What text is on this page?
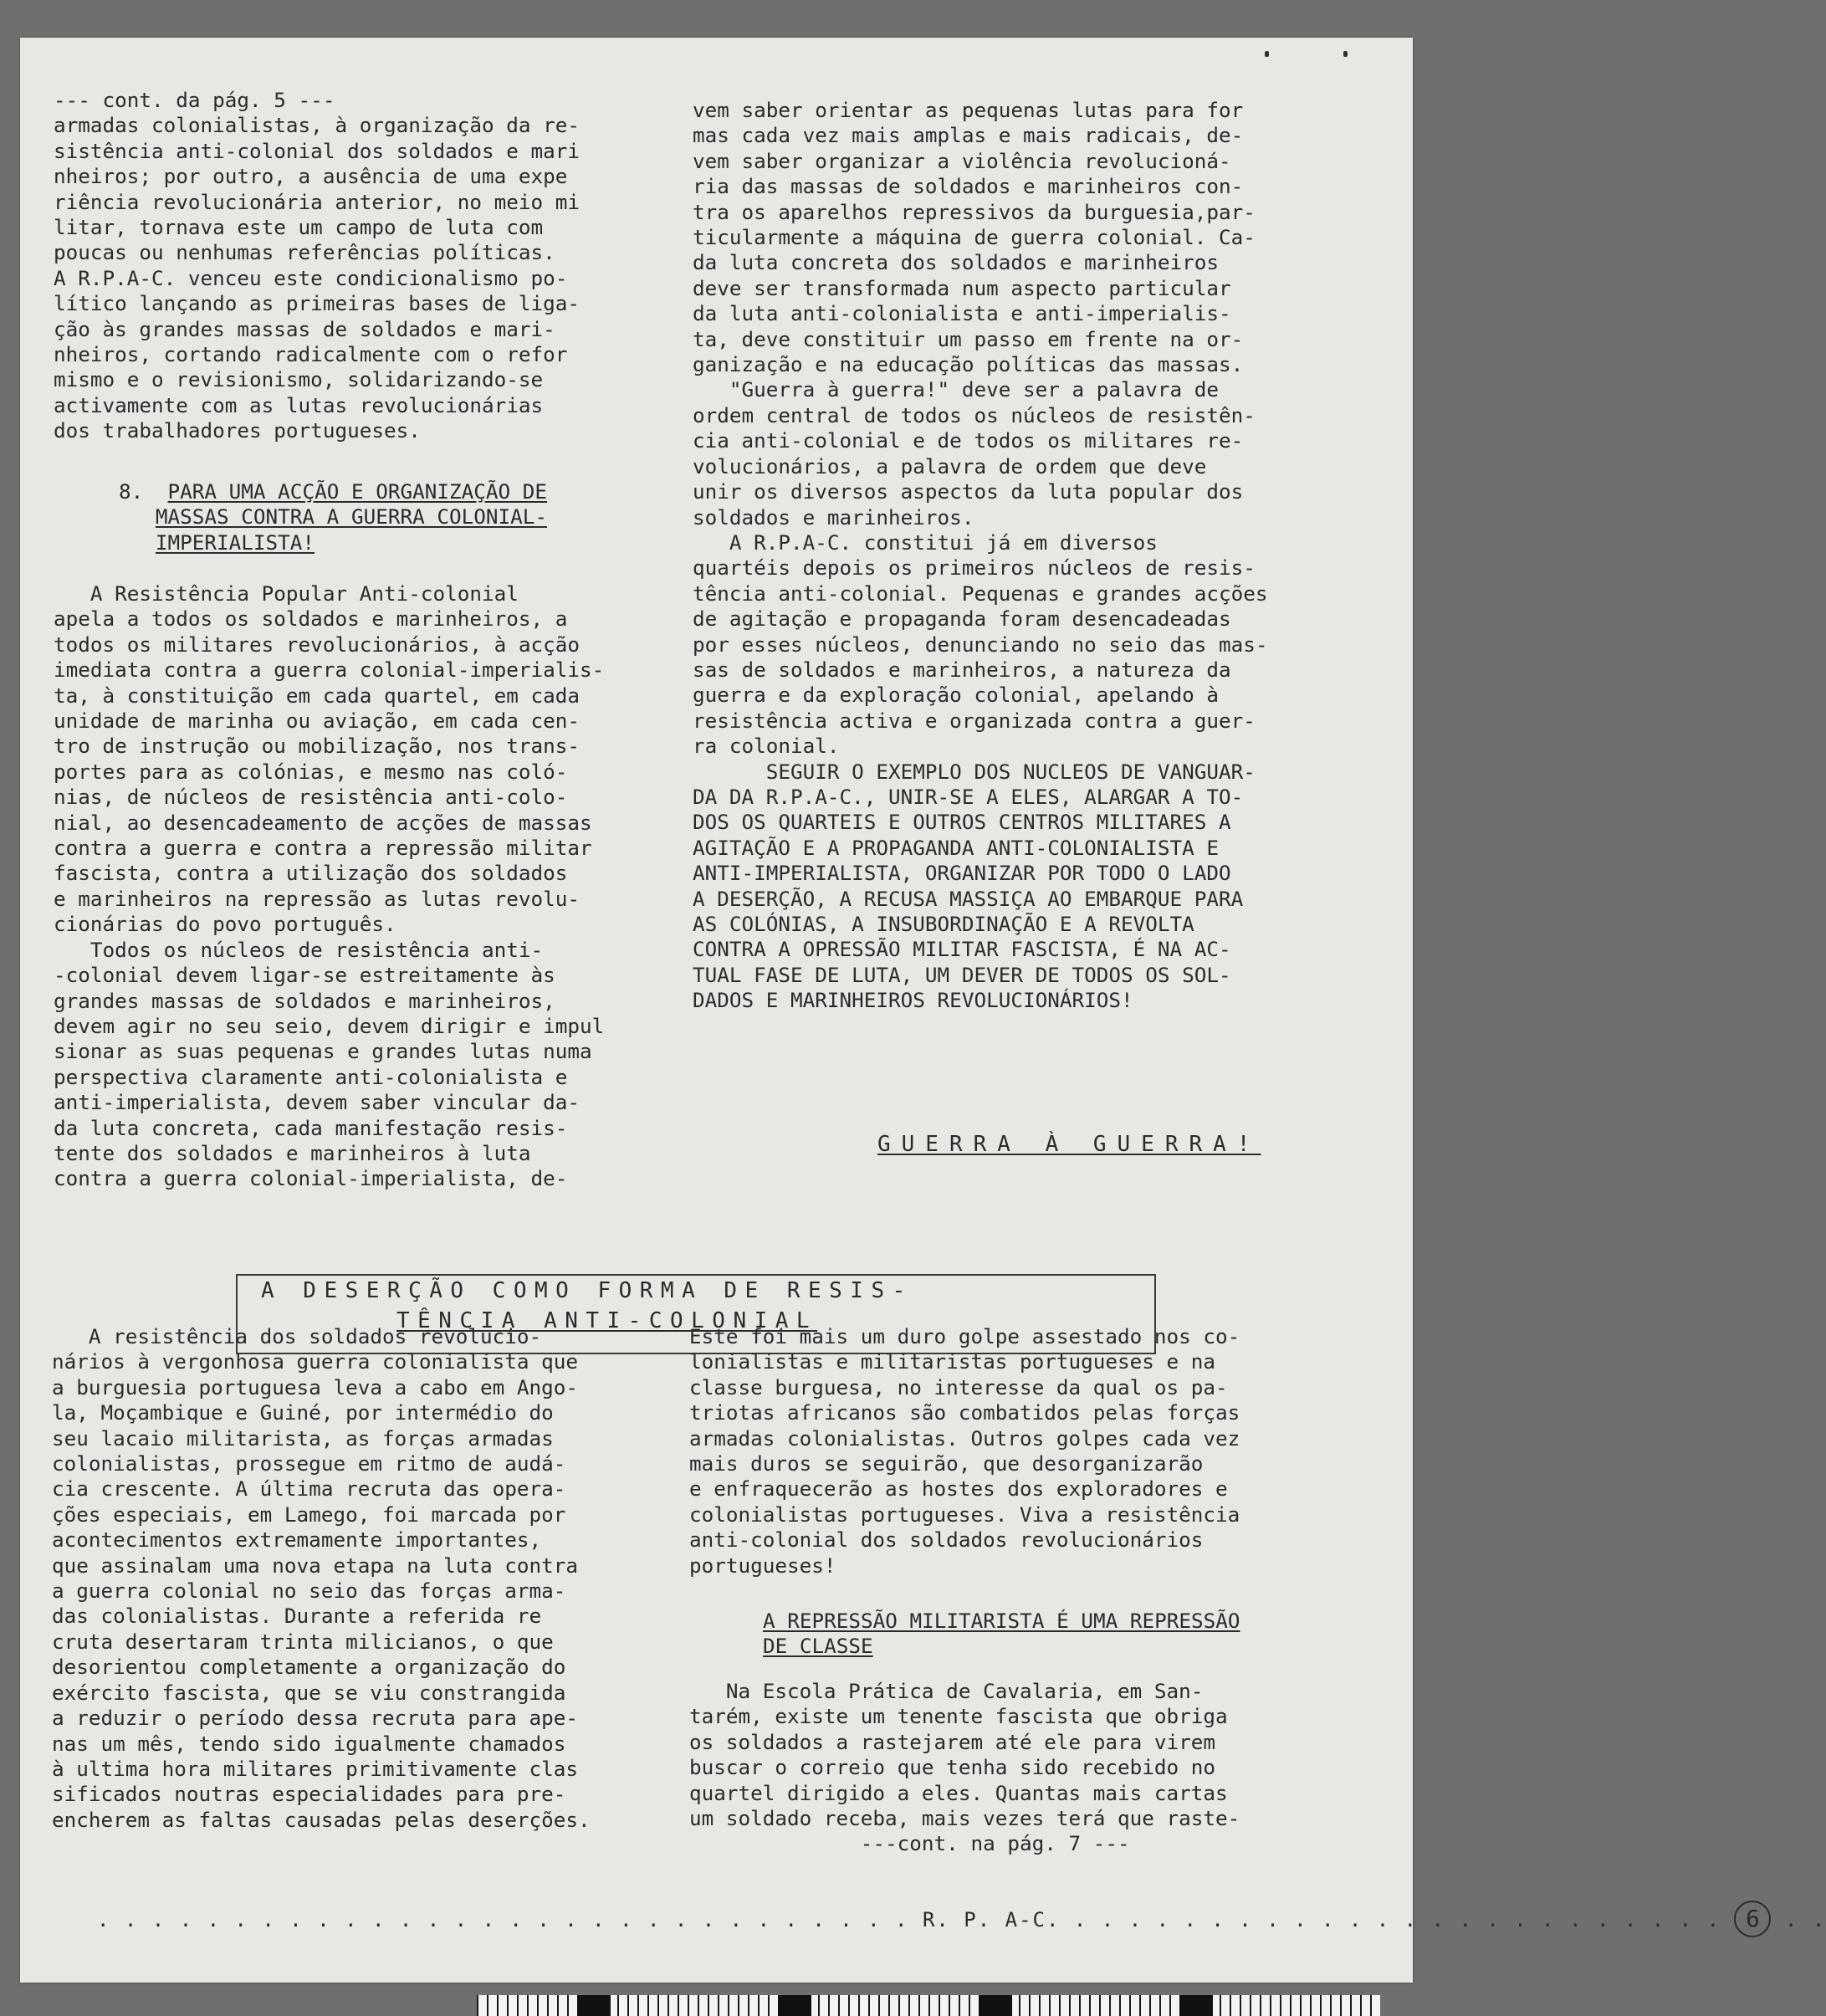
--- cont. da pág. 5 ---

armadas colonialistas, à organização da re-

sistência anti-colonial dos soldados e mari

nheiros; por outro, a ausência de uma expe

riência revolucionária anterior, no meio mi

litar, tornava este um campo de luta com

poucas ou nenhumas referências políticas.

A R.P.A-C. venceu este condicionalismo po-

lítico lançando as primeiras bases de liga-

ção às grandes massas de soldados e mari-

nheiros, cortando radicalmente com o refor

mismo e o revisionismo, solidarizando-se

activamente com as lutas revolucionárias

dos trabalhadores portugueses.

8. PARA UMA ACÇÃO E ORGANIZAÇÃO DE

MASSAS CONTRA A GUERRA COLONIAL-

IMPERIALISTA!

A Resistência Popular Anti-colonial

apela a todos os soldados e marinheiros, a

todos os militares revolucionários, à acção

imediata contra a guerra colonial-imperialis-

ta, à constituição em cada quartel, em cada

unidade de marinha ou aviação, em cada cen-

tro de instrução ou mobilização, nos trans-

portes para as colónias, e mesmo nas coló-

nias, de núcleos de resistência anti-colo-

nial, ao desencadeamento de acções de massas

contra a guerra e contra a repressão militar

fascista, contra a utilização dos soldados

e marinheiros na repressão as lutas revolu-

cionárias do povo português.

Todos os núcleos de resistência anti-

-colonial devem ligar-se estreitamente às

grandes massas de soldados e marinheiros,

devem agir no seu seio, devem dirigir e impul

sionar as suas pequenas e grandes lutas numa

perspectiva claramente anti-colonialista e

anti-imperialista, devem saber vincular da-

da luta concreta, cada manifestação resis-

tente dos soldados e marinheiros à luta

contra a guerra colonial-imperialista, de-

vem saber orientar as pequenas lutas para for

mas cada vez mais amplas e mais radicais, de-

vem saber organizar a violência revolucioná-

ria das massas de soldados e marinheiros con-

tra os aparelhos repressivos da burguesia,par-

ticularmente a máquina de guerra colonial. Ca-

da luta concreta dos soldados e marinheiros

deve ser transformada num aspecto particular

da luta anti-colonialista e anti-imperialis-

ta, deve constituir um passo em frente na or-

ganização e na educação políticas das massas.

"Guerra à guerra!" deve ser a palavra de

ordem central de todos os núcleos de resistên-

cia anti-colonial e de todos os militares re-

volucionários, a palavra de ordem que deve

unir os diversos aspectos da luta popular dos

soldados e marinheiros.

A R.P.A-C. constitui já em diversos

quartéis depois os primeiros núcleos de resis-

tência anti-colonial. Pequenas e grandes acções

de agitação e propaganda foram desencadeadas

por esses núcleos, denunciando no seio das mas-

sas de soldados e marinheiros, a natureza da

guerra e da exploração colonial, apelando à

resistência activa e organizada contra a guer-

ra colonial.

SEGUIR O EXEMPLO DOS NUCLEOS DE VANGUAR-

DA DA R.P.A-C., UNIR-SE A ELES, ALARGAR A TO-

DOS OS QUARTEIS E OUTROS CENTROS MILITARES A

AGITAÇÃO E A PROPAGANDA ANTI-COLONIALISTA E

ANTI-IMPERIALISTA, ORGANIZAR POR TODO O LADO

A DESERÇÃO, A RECUSA MASSIÇA AO EMBARQUE PARA

AS COLÓNIAS, A INSUBORDINAÇÃO E A REVOLTA

CONTRA A OPRESSÃO MILITAR FASCISTA, É NA AC-

TUAL FASE DE LUTA, UM DEVER DE TODOS OS SOL-

DADOS E MARINHEIROS REVOLUCIONÁRIOS!

GUERRA À GUERRA!

A DESERÇÃO COMO FORMA DE RESIS-

TÊNCIA ANTI-COLONIAL

A resistência dos soldados revolucio-

nários à vergonhosa guerra colonialista que

a burguesia portuguesa leva a cabo em Ango-

la, Moçambique e Guiné, por intermédio do

seu lacaio militarista, as forças armadas

colonialistas, prossegue em ritmo de audá-

cia crescente. A última recruta das opera-

ções especiais, em Lamego, foi marcada por

acontecimentos extremamente importantes,

que assinalam uma nova etapa na luta contra

a guerra colonial no seio das forças arma-

das colonialistas. Durante a referida re

cruta desertaram trinta milicianos, o que

desorientou completamente a organização do

exército fascista, que se viu constrangida

a reduzir o período dessa recruta para ape-

nas um mês, tendo sido igualmente chamados

à ultima hora militares primitivamente clas

sificados noutras especialidades para pre-

encherem as faltas causadas pelas deserções.

Este foi mais um duro golpe assestado nos co-

lonialistas e militaristas portugueses e na

classe burguesa, no interesse da qual os pa-

triotas africanos são combatidos pelas forças

armadas colonialistas. Outros golpes cada vez

mais duros se seguirão, que desorganizarão

e enfraquecerão as hostes dos exploradores e

colonialistas portugueses. Viva a resistência

anti-colonial dos soldados revolucionários

portugueses!

A REPRESSÃO MILITARISTA É UMA REPRESSÃO

DE CLASSE

Na Escola Prática de Cavalaria, em San-

tarém, existe um tenente fascista que obriga

os soldados a rastejarem até ele para virem

buscar o correio que tenha sido recebido no

quartel dirigido a eles. Quantas mais cartas

um soldado receba, mais vezes terá que raste-

---cont. na pág. 7 ---

. . . . . . . . . . . . . . . . . . . . . . . . . . . . . . R. P. A-C. . . . . . . . . . . . . . . . . . . . . . . . . 6 . .
